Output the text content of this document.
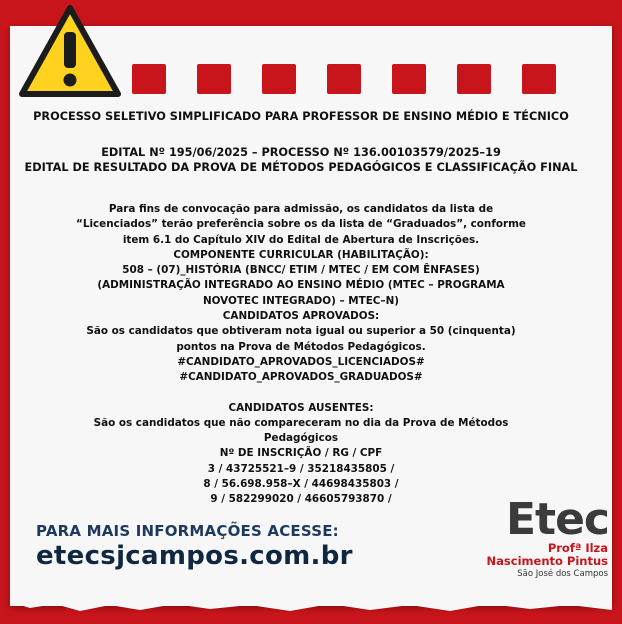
PROCESSO SELETIVO SIMPLIFICADO PARA PROFESSOR DE ENSINO MÉDIO E TÉCNICO
EDITAL Nº 195/06/2025 – PROCESSO Nº 136.00103579/2025–19
EDITAL DE RESULTADO DA PROVA DE MÉTODOS PEDAGÓGICOS E CLASSIFICAÇÃO FINAL
Para fins de convocação para admissão, os candidatos da lista de
“Licenciados” terão preferência sobre os da lista de “Graduados”, conforme
item 6.1 do Capítulo XIV do Edital de Abertura de Inscrições.
COMPONENTE CURRICULAR (HABILITAÇÃO):
508 – (07)_HISTÓRIA (BNCC/ ETIM / MTEC / EM COM ÊNFASES)
(ADMINISTRAÇÃO INTEGRADO AO ENSINO MÉDIO (MTEC – PROGRAMA
NOVOTEC INTEGRADO) – MTEC–N)
CANDIDATOS APROVADOS:
São os candidatos que obtiveram nota igual ou superior a 50 (cinquenta)
pontos na Prova de Métodos Pedagógicos.
#CANDIDATO_APROVADOS_LICENCIADOS#
#CANDIDATO_APROVADOS_GRADUADOS#
CANDIDATOS AUSENTES:
São os candidatos que não compareceram no dia da Prova de Métodos
Pedagógicos
Nº DE INSCRIÇÃO / RG / CPF
3 / 43725521–9 / 35218435805 /
8 / 56.698.958–X / 44698435803 /
9 / 582299020 / 46605793870 /
PARA MAIS INFORMAÇÕES ACESSE:
etecsjcampos.com.br
Etec
Profª Ilza
Nascimento Pintus
São José dos Campos
